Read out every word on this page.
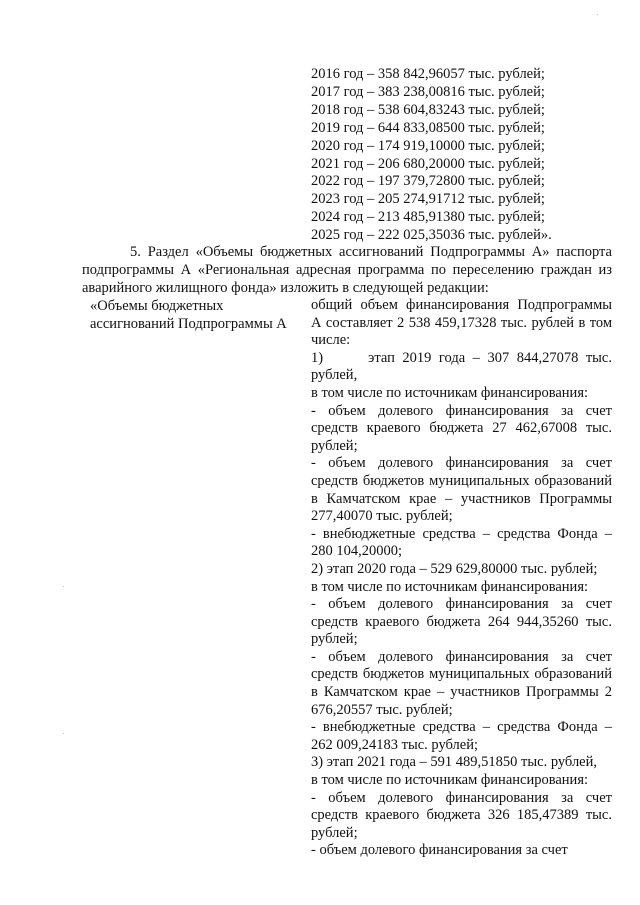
2016 год – 358 842,96057 тыс. рублей;
2017 год – 383 238,00816 тыс. рублей;
2018 год – 538 604,83243 тыс. рублей;
2019 год – 644 833,08500 тыс. рублей;
2020 год – 174 919,10000 тыс. рублей;
2021 год – 206 680,20000 тыс. рублей;
2022 год – 197 379,72800 тыс. рублей;
2023 год – 205 274,91712 тыс. рублей;
2024 год – 213 485,91380 тыс. рублей;
2025 год – 222 025,35036 тыс. рублей».
5. Раздел «Объемы бюджетных ассигнований Подпрограммы А» паспорта подпрограммы А «Региональная адресная программа по переселению граждан из аварийного жилищного фонда» изложить в следующей редакции:
«Объемы бюджетных ассигнований Подпрограммы А
общий объем финансирования Подпрограммы А составляет 2 538 459,17328 тыс. рублей в том числе:
1)      этап 2019 года – 307 844,27078 тыс. рублей,
в том числе по источникам финансирования:
- объем долевого финансирования за счет средств краевого бюджета 27 462,67008 тыс. рублей;
- объем долевого финансирования за счет средств бюджетов муниципальных образований в Камчатском крае – участников Программы 277,40070 тыс. рублей;
- внебюджетные средства – средства Фонда – 280 104,20000;
2) этап 2020 года – 529 629,80000 тыс. рублей;
в том числе по источникам финансирования:
- объем долевого финансирования за счет средств краевого бюджета 264 944,35260 тыс. рублей;
- объем долевого финансирования за счет средств бюджетов муниципальных образований в Камчатском крае – участников Программы 2 676,20557 тыс. рублей;
- внебюджетные средства – средства Фонда – 262 009,24183 тыс. рублей;
3) этап 2021 года – 591 489,51850 тыс. рублей,
в том числе по источникам финансирования:
- объем долевого финансирования за счет средств краевого бюджета 326 185,47389 тыс. рублей;
- объем долевого финансирования за счет
